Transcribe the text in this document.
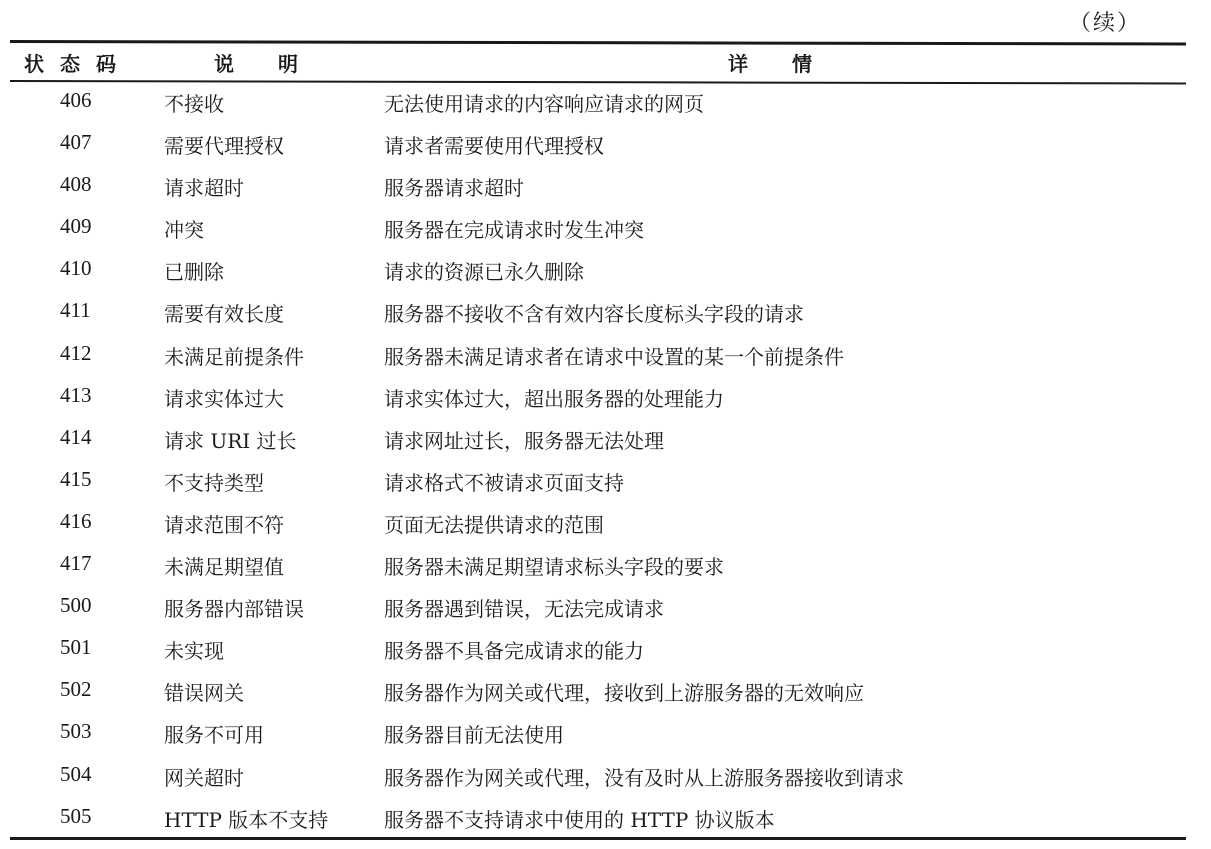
（续）
状态码	说明	详情
406	不接收	无法使用请求的内容响应请求的网页
407	需要代理授权	请求者需要使用代理授权
408	请求超时	服务器请求超时
409	冲突	服务器在完成请求时发生冲突
410	已删除	请求的资源已永久删除
411	需要有效长度	服务器不接收不含有效内容长度标头字段的请求
412	未满足前提条件	服务器未满足请求者在请求中设置的某一个前提条件
413	请求实体过大	请求实体过大，超出服务器的处理能力
414	请求 URI 过长	请求网址过长，服务器无法处理
415	不支持类型	请求格式不被请求页面支持
416	请求范围不符	页面无法提供请求的范围
417	未满足期望值	服务器未满足期望请求标头字段的要求
500	服务器内部错误	服务器遇到错误，无法完成请求
501	未实现	服务器不具备完成请求的能力
502	错误网关	服务器作为网关或代理，接收到上游服务器的无效响应
503	服务不可用	服务器目前无法使用
504	网关超时	服务器作为网关或代理，没有及时从上游服务器接收到请求
505	HTTP 版本不支持	服务器不支持请求中使用的 HTTP 协议版本
